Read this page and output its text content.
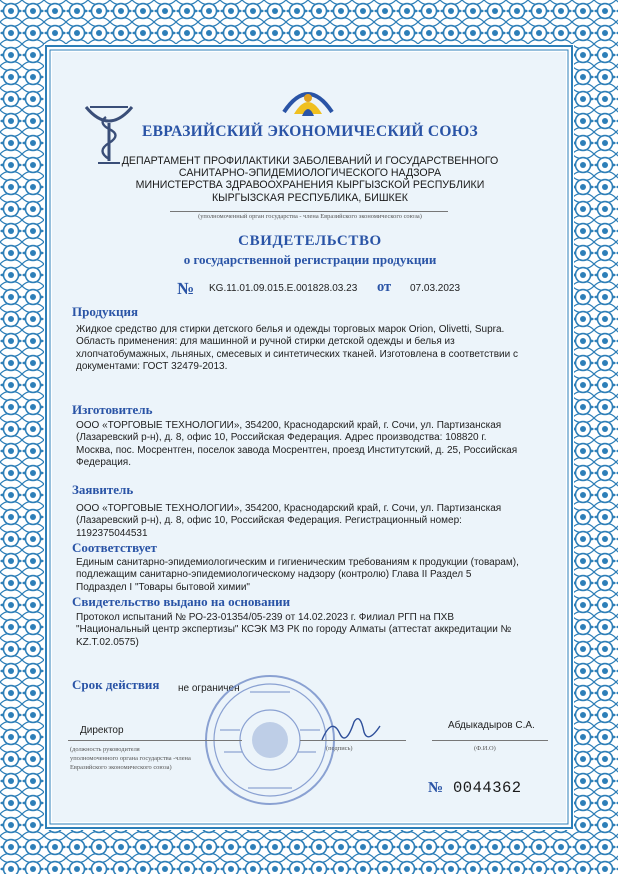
ЕВРАЗИЙСКИЙ ЭКОНОМИЧЕСКИЙ СОЮЗ
ДЕПАРТАМЕНТ ПРОФИЛАКТИКИ ЗАБОЛЕВАНИЙ И ГОСУДАРСТВЕННОГО
САНИТАРНО-ЭПИДЕМИОЛОГИЧЕСКОГО НАДЗОРА
МИНИСТЕРСТВА ЗДРАВООХРАНЕНИЯ КЫРГЫЗСКОЙ РЕСПУБЛИКИ
КЫРГЫЗСКАЯ РЕСПУБЛИКА, БИШКЕК
(уполномоченный орган государства - члена Евразийского экономического союза)
СВИДЕТЕЛЬСТВО
о государственной регистрации продукции
№ KG.11.01.09.015.E.001828.03.23 от 07.03.2023
Продукция
Жидкое средство для стирки детского белья и одежды торговых марок Orion, Olivetti, Supra.
Область применения: для машинной и ручной стирки детской одежды и белья из
хлопчатобумажных, льняных, смесевых и синтетических тканей. Изготовлена в соответствии с
документами: ГОСТ 32479-2013.
Изготовитель
ООО «ТОРГОВЫЕ ТЕХНОЛОГИИ», 354200, Краснодарский край, г. Сочи, ул. Партизанская
(Лазаревский р-н), д. 8, офис 10, Российская Федерация. Адрес производства: 108820 г.
Москва, пос. Мосрентген, поселок завода Мосрентген, проезд Институтский, д. 25, Российская
Федерация.
Заявитель
ООО «ТОРГОВЫЕ ТЕХНОЛОГИИ», 354200, Краснодарский край, г. Сочи, ул. Партизанская
(Лазаревский р-н), д. 8, офис 10, Российская Федерация. Регистрационный номер:
1192375044531
Соответствует
Единым санитарно-эпидемиологическим и гигиеническим требованиям к продукции (товарам),
подлежащим санитарно-эпидемиологическому надзору (контролю) Глава II Раздел 5
Подраздел I "Товары бытовой химии"
Свидетельство выдано на основании
Протокол испытаний № РО-23-01354/05-239 от 14.02.2023 г. Филиал РГП на ПХВ
"Национальный центр экспертизы" КСЭК МЗ РК по городу Алматы (аттестат аккредитации №
KZ.T.02.0575)
Срок действия не ограничен
Директор
(должность руководителя
уполномоченного органа государства -члена
Евразийского экономического союза)
(подпись)
Абдыкадыров С.А.
(Ф.И.О)
№ 0044362
